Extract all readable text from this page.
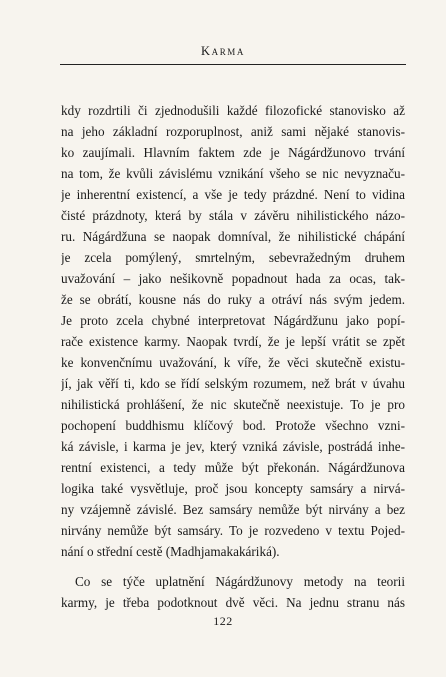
Karma
kdy rozdrtili či zjednodušili každé filozofické stanovisko až
na jeho základní rozporuplnost, aniž sami nějaké stanovis-
ko zaujímali. Hlavním faktem zde je Nágárdžunovo trvání
na tom, že kvůli závislému vznikání všeho se nic nevyznaču-
je inherentní existencí, a vše je tedy prázdné. Není to vidina
čisté prázdnoty, která by stála v závěru nihilistického názo-
ru. Nágárdžuna se naopak domníval, že nihilistické chápání
je zcela pomýlený, smrtelným, sebevražedným druhem
uvažování – jako nešikovně popadnout hada za ocas, tak-
že se obrátí, kousne nás do ruky a otráví nás svým jedem.
Je proto zcela chybné interpretovat Nágárdžunu jako popí-
rače existence karmy. Naopak tvrdí, že je lepší vrátit se zpět
ke konvenčnímu uvažování, k víře, že věci skutečně existu-
jí, jak věří ti, kdo se řídí selským rozumem, než brát v úvahu
nihilistická prohlášení, že nic skutečně neexistuje. To je pro
pochopení buddhismu klíčový bod. Protože všechno vzni-
ká závisle, i karma je jev, který vzniká závisle, postrádá inhe-
rentní existenci, a tedy může být překonán. Nágárdžunova
logika také vysvětluje, proč jsou koncepty samsáry a nirvá-
ny vzájemně závislé. Bez samsáry nemůže být nirvány a bez
nirvány nemůže být samsáry. To je rozvedeno v textu Pojed-
nání o střední cestě (Madhjamakakáriká).
Co se týče uplatnění Nágárdžunovy metody na teorii
karmy, je třeba podotknout dvě věci. Na jednu stranu nás
122
